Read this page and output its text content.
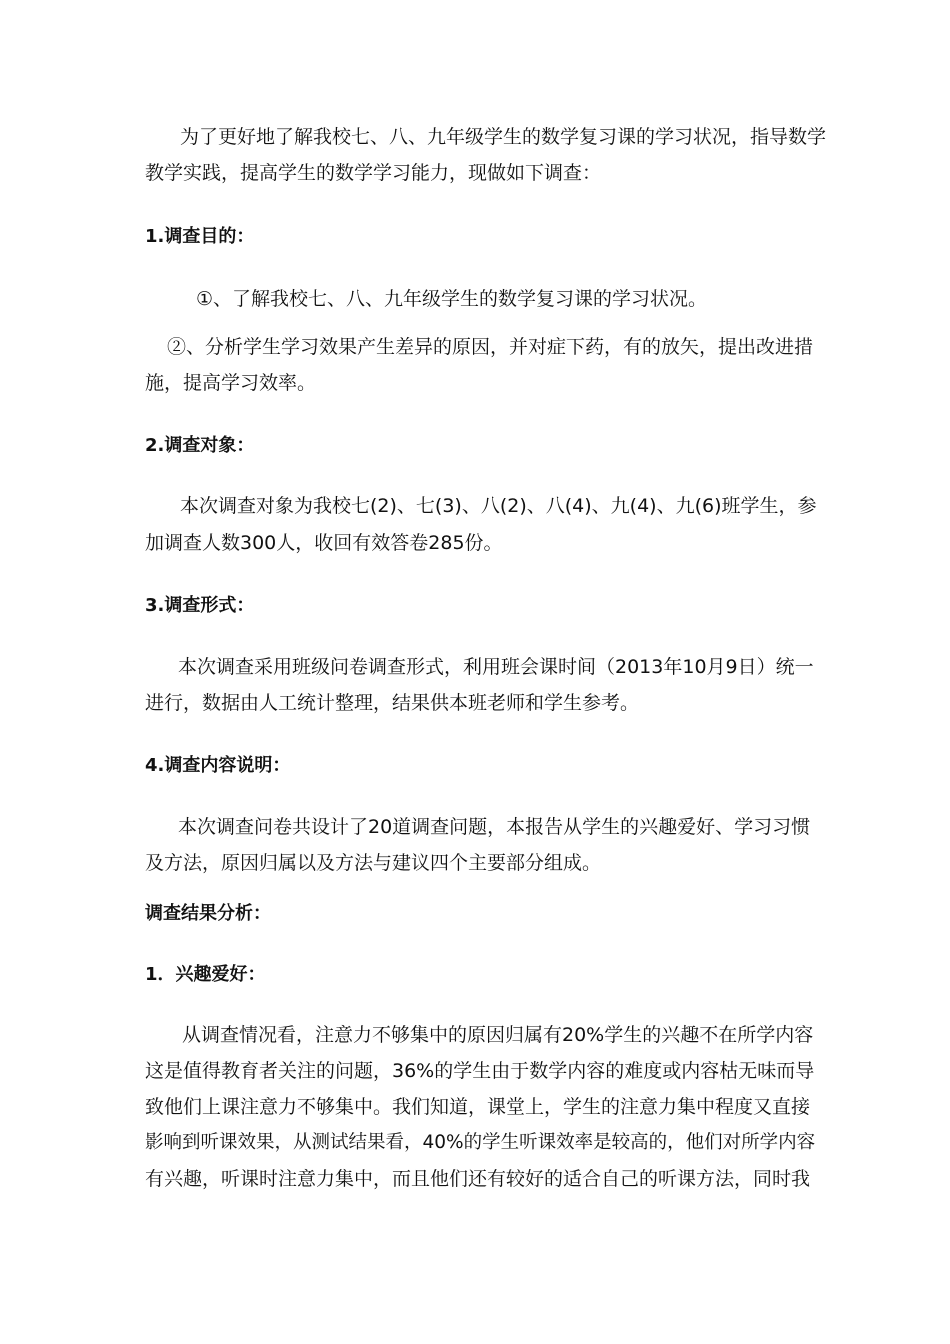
为了更好地了解我校七、八、九年级学生的数学复习课的学习状况，指导数学
教学实践，提高学生的数学学习能力，现做如下调查：
1.调查目的：
①、了解我校七、八、九年级学生的数学复习课的学习状况。
②、分析学生学习效果产生差异的原因，并对症下药，有的放矢，提出改进措
施，提高学习效率。
2.调查对象：
本次调查对象为我校七(2)、七(3)、八(2)、八(4)、九(4)、九(6)班学生，参
加调查人数300人，收回有效答卷285份。
3.调查形式：
本次调查采用班级问卷调查形式，利用班会课时间（2013年10月9日）统一
进行，数据由人工统计整理，结果供本班老师和学生参考。
4.调查内容说明：
本次调查问卷共设计了20道调查问题，本报告从学生的兴趣爱好、学习习惯
及方法，原因归属以及方法与建议四个主要部分组成。
调查结果分析：
1．兴趣爱好：
从调查情况看，注意力不够集中的原因归属有20%学生的兴趣不在所学内容
这是值得教育者关注的问题，36%的学生由于数学内容的难度或内容枯无味而导
致他们上课注意力不够集中。我们知道，课堂上，学生的注意力集中程度又直接
影响到听课效果，从测试结果看，40%的学生听课效率是较高的，他们对所学内容
有兴趣，听课时注意力集中，而且他们还有较好的适合自己的听课方法，同时我
